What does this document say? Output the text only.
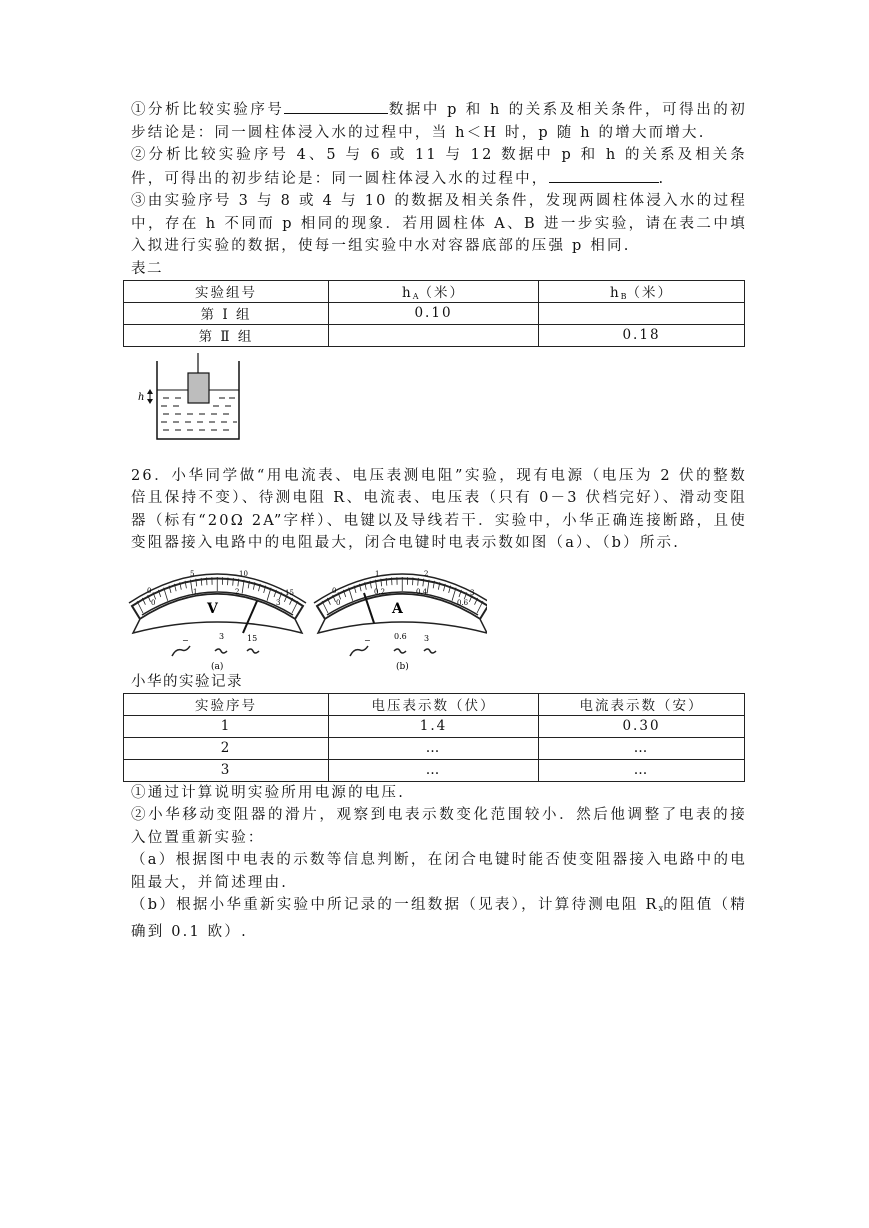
①分析比较实验序号	数据中 p 和 h 的关系及相关条件，可得出的初步结论是：同一圆柱体浸入水的过程中，当 h＜H 时，p 随 h 的增大而增大.

②分析比较实验序号 4、5 与 6 或 11 与 12 数据中 p 和 h 的关系及相关条件，可得出的初步结论是：同一圆柱体浸入水的过程中，	.

③由实验序号 3 与 8 或 4 与 10 的数据及相关条件，发现两圆柱体浸入水的过程中，存在 h 不同而 p 相同的现象．若用圆柱体 A、B 进一步实验，请在表二中填入拟进行实验的数据，使每一组实验中水对容器底部的压强 p 相同.

表二

实验组号	$h_A$（米）	$h_B$（米）
第 Ⅰ 组	0.10	
第 Ⅱ 组		0.18
h

26．小华同学做“用电流表、电压表测电阻”实验，现有电源（电压为 2 伏的整数倍且保持不变）、待测电阻 R、电流表、电压表（只有 0－3 伏档完好）、滑动变阻器（标有“20Ω 2A”字样）、电键以及导线若干．实验中，小华正确连接断路，且使变阻器接入电路中的电阻最大，闭合电键时电表示数如图（a）、（b）所示.

V
0
5	10
15
0
1	2
3
−	3	15
(a)
A
0
1	2
3
0
0.2	0.4
0.6
−	0.6 3
(b)

小华的实验记录

实验序号	电压表示数（伏）	电流表示数（安）
1	1.4	0.30
2	…	…
3	…	…

①通过计算说明实验所用电源的电压.

②小华移动变阻器的滑片，观察到电表示数变化范围较小．然后他调整了电表的接入位置重新实验：

（a）根据图中电表的示数等信息判断，在闭合电键时能否使变阻器接入电路中的电阻最大，并简述理由.

（b）根据小华重新实验中所记录的一组数据（见表），计算待测电阻 $R_x$的阻值（精确到 0.1 欧）.
